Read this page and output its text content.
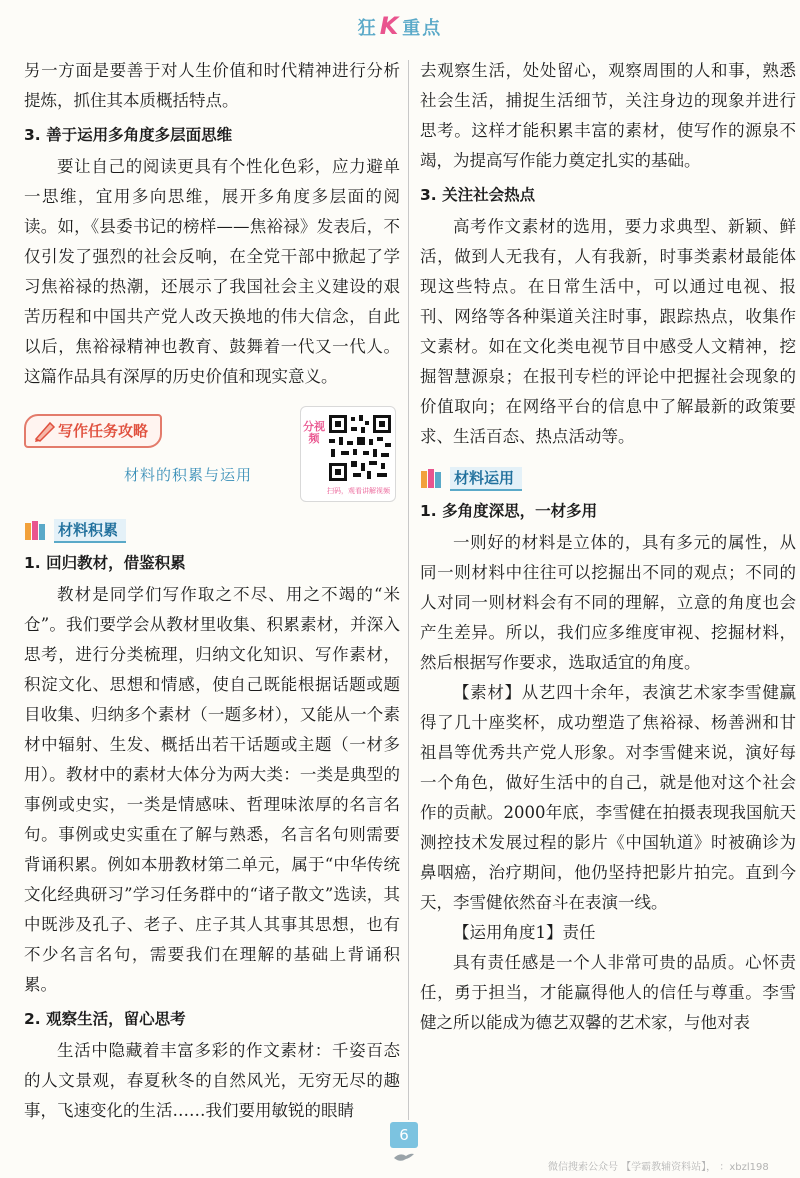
狂K 重点

另一方面是要善于对人生价值和时代精神进行分析提炼，抓住其本质概括特点。

3. 善于运用多角度多层面思维

要让自己的阅读更具有个性化色彩，应力避单一思维，宜用多向思维，展开多角度多层面的阅读。如，《县委书记的榜样——焦裕禄》发表后，不仅引发了强烈的社会反响，在全党干部中掀起了学习焦裕禄的热潮，还展示了我国社会主义建设的艰苦历程和中国共产党人改天换地的伟大信念，自此以后，焦裕禄精神也教育、鼓舞着一代又一代人。这篇作品具有深厚的历史价值和现实意义。

写作任务攻略
材料的积累与运用
分视频
扫码，观看讲解视频
材料积累
1. 回归教材，借鉴积累

教材是同学们写作取之不尽、用之不竭的“米仓”。我们要学会从教材里收集、积累素材，并深入思考，进行分类梳理，归纳文化知识、写作素材，积淀文化、思想和情感，使自己既能根据话题或题目收集、归纳多个素材（一题多材），又能从一个素材中辐射、生发、概括出若干话题或主题（一材多用）。教材中的素材大体分为两大类：一类是典型的事例或史实，一类是情感味、哲理味浓厚的名言名句。事例或史实重在了解与熟悉，名言名句则需要背诵积累。例如本册教材第二单元，属于“中华传统文化经典研习”学习任务群中的“诸子散文”选读，其中既涉及孔子、老子、庄子其人其事其思想，也有不少名言名句，需要我们在理解的基础上背诵积累。

2. 观察生活，留心思考

生活中隐藏着丰富多彩的作文素材：千姿百态的人文景观，春夏秋冬的自然风光，无穷无尽的趣事，飞速变化的生活……我们要用敏锐的眼睛

去观察生活，处处留心，观察周围的人和事，熟悉社会生活，捕捉生活细节，关注身边的现象并进行思考。这样才能积累丰富的素材，使写作的源泉不竭，为提高写作能力奠定扎实的基础。

3. 关注社会热点

高考作文素材的选用，要力求典型、新颖、鲜活，做到人无我有，人有我新，时事类素材最能体现这些特点。在日常生活中，可以通过电视、报刊、网络等各种渠道关注时事，跟踪热点，收集作文素材。如在文化类电视节目中感受人文精神，挖掘智慧源泉；在报刊专栏的评论中把握社会现象的价值取向；在网络平台的信息中了解最新的政策要求、生活百态、热点活动等。

材料运用
1. 多角度深思，一材多用

一则好的材料是立体的，具有多元的属性，从同一则材料中往往可以挖掘出不同的观点；不同的人对同一则材料会有不同的理解，立意的角度也会产生差异。所以，我们应多维度审视、挖掘材料，然后根据写作要求，选取适宜的角度。

【素材】从艺四十余年，表演艺术家李雪健赢得了几十座奖杯，成功塑造了焦裕禄、杨善洲和甘祖昌等优秀共产党人形象。对李雪健来说，演好每一个角色，做好生活中的自己，就是他对这个社会作的贡献。2000年底，李雪健在拍摄表现我国航天测控技术发展过程的影片《中国轨道》时被确诊为鼻咽癌，治疗期间，他仍坚持把影片拍完。直到今天，李雪健依然奋斗在表演一线。

【运用角度1】责任

具有责任感是一个人非常可贵的品质。心怀责任，勇于担当，才能赢得他人的信任与尊重。李雪健之所以能成为德艺双馨的艺术家，与他对表

6
微信搜索公众号 【学霸教辅资料站】， ：xbzl198
